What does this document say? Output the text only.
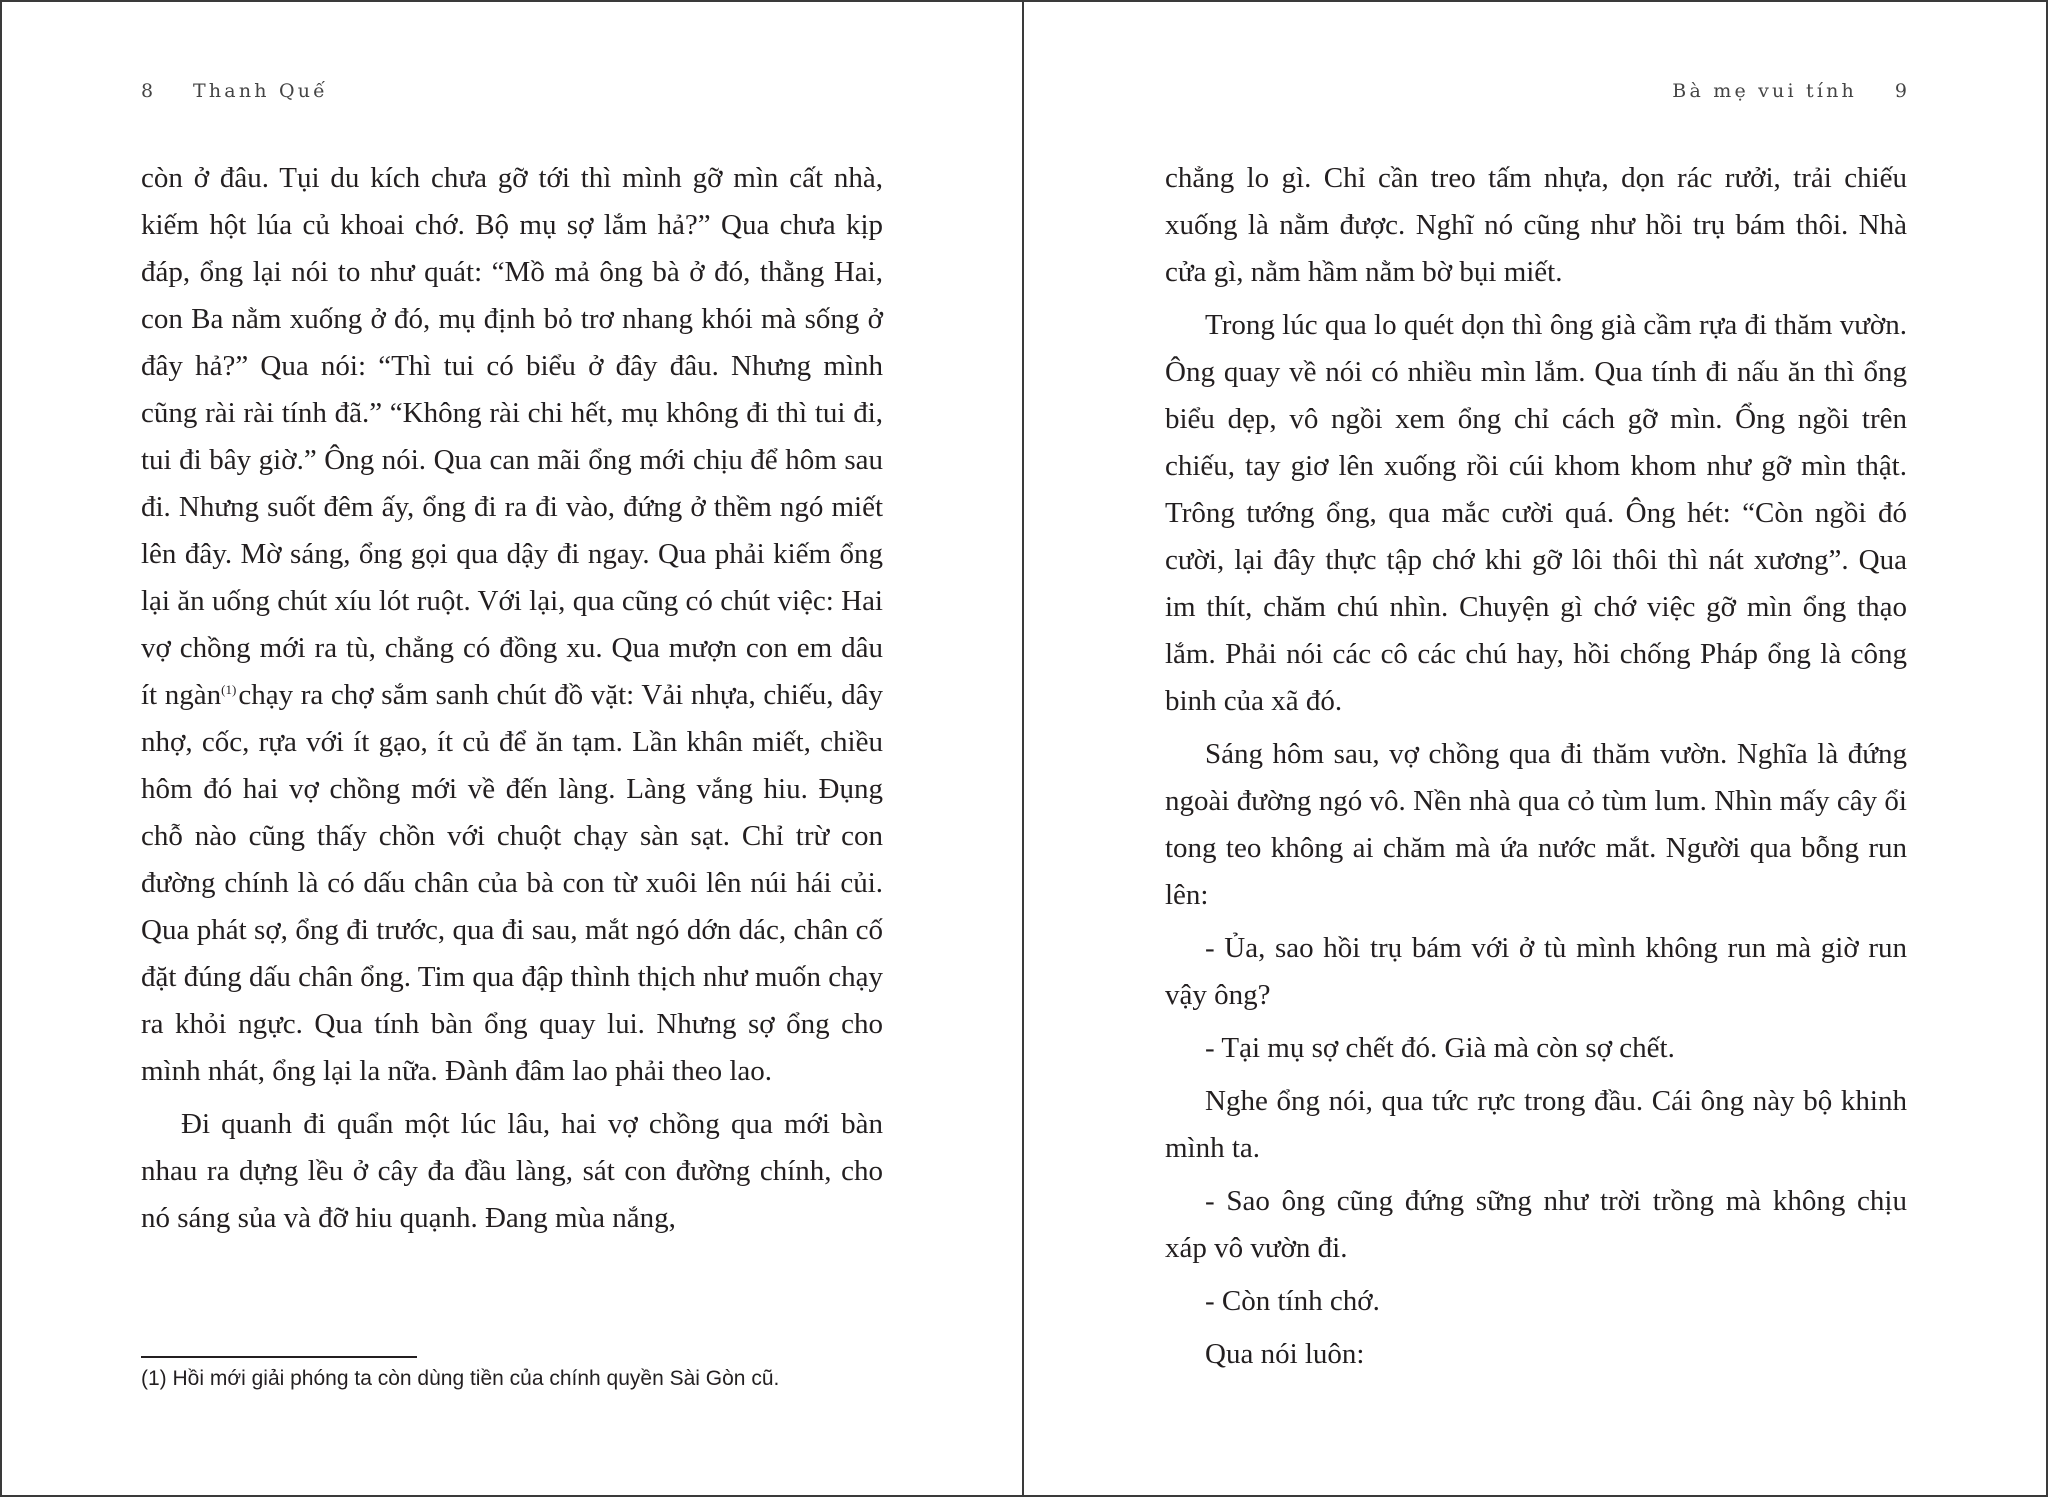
8 Thanh Quế

còn ở đâu. Tụi du kích chưa gỡ tới thì mình gỡ mìn cất nhà, kiếm hột lúa củ khoai chớ. Bộ mụ sợ lắm hả?” Qua chưa kịp đáp, ổng lại nói to như quát: “Mồ mả ông bà ở đó, thằng Hai, con Ba nằm xuống ở đó, mụ định bỏ trơ nhang khói mà sống ở đây hả?” Qua nói: “Thì tui có biểu ở đây đâu. Nhưng mình cũng rài rài tính đã.” “Không rài chi hết, mụ không đi thì tui đi, tui đi bây giờ.” Ông nói. Qua can mãi ổng mới chịu để hôm sau đi. Nhưng suốt đêm ấy, ổng đi ra đi vào, đứng ở thềm ngó miết lên đây. Mờ sáng, ổng gọi qua dậy đi ngay. Qua phải kiếm ổng lại ăn uống chút xíu lót ruột. Với lại, qua cũng có chút việc: Hai vợ chồng mới ra tù, chẳng có đồng xu. Qua mượn con em dâu ít ngàn$^{(1)}$chạy ra chợ sắm sanh chút đồ vặt: Vải nhựa, chiếu, dây nhợ, cốc, rựa với ít gạo, ít củ để ăn tạm. Lần khân miết, chiều hôm đó hai vợ chồng mới về đến làng. Làng vắng hiu. Đụng chỗ nào cũng thấy chồn với chuột chạy sàn sạt. Chỉ trừ con đường chính là có dấu chân của bà con từ xuôi lên núi hái củi. Qua phát sợ, ổng đi trước, qua đi sau, mắt ngó dớn dác, chân cố đặt đúng dấu chân ổng. Tim qua đập thình thịch như muốn chạy ra khỏi ngực. Qua tính bàn ổng quay lui. Nhưng sợ ổng cho mình nhát, ổng lại la nữa. Đành đâm lao phải theo lao.

Đi quanh đi quẩn một lúc lâu, hai vợ chồng qua mới bàn nhau ra dựng lều ở cây đa đầu làng, sát con đường chính, cho nó sáng sủa và đỡ hiu quạnh. Đang mùa nắng,

(1) Hồi mới giải phóng ta còn dùng tiền của chính quyền Sài Gòn cũ.
Bà mẹ vui tính 9

chẳng lo gì. Chỉ cần treo tấm nhựa, dọn rác rưởi, trải chiếu xuống là nằm được. Nghĩ nó cũng như hồi trụ bám thôi. Nhà cửa gì, nằm hầm nằm bờ bụi miết.

Trong lúc qua lo quét dọn thì ông già cầm rựa đi thăm vườn. Ông quay về nói có nhiều mìn lắm. Qua tính đi nấu ăn thì ổng biểu dẹp, vô ngồi xem ổng chỉ cách gỡ mìn. Ổng ngồi trên chiếu, tay giơ lên xuống rồi cúi khom khom như gỡ mìn thật. Trông tướng ổng, qua mắc cười quá. Ông hét: “Còn ngồi đó cười, lại đây thực tập chớ khi gỡ lôi thôi thì nát xương”. Qua im thít, chăm chú nhìn. Chuyện gì chớ việc gỡ mìn ổng thạo lắm. Phải nói các cô các chú hay, hồi chống Pháp ổng là công binh của xã đó.

Sáng hôm sau, vợ chồng qua đi thăm vườn. Nghĩa là đứng ngoài đường ngó vô. Nền nhà qua cỏ tùm lum. Nhìn mấy cây ổi tong teo không ai chăm mà ứa nước mắt. Người qua bỗng run lên:

- Ủa, sao hồi trụ bám với ở tù mình không run mà giờ run vậy ông?

- Tại mụ sợ chết đó. Già mà còn sợ chết.

Nghe ổng nói, qua tức rực trong đầu. Cái ông này bộ khinh mình ta.

- Sao ông cũng đứng sững như trời trồng mà không chịu xáp vô vườn đi.

- Còn tính chớ.

Qua nói luôn:
